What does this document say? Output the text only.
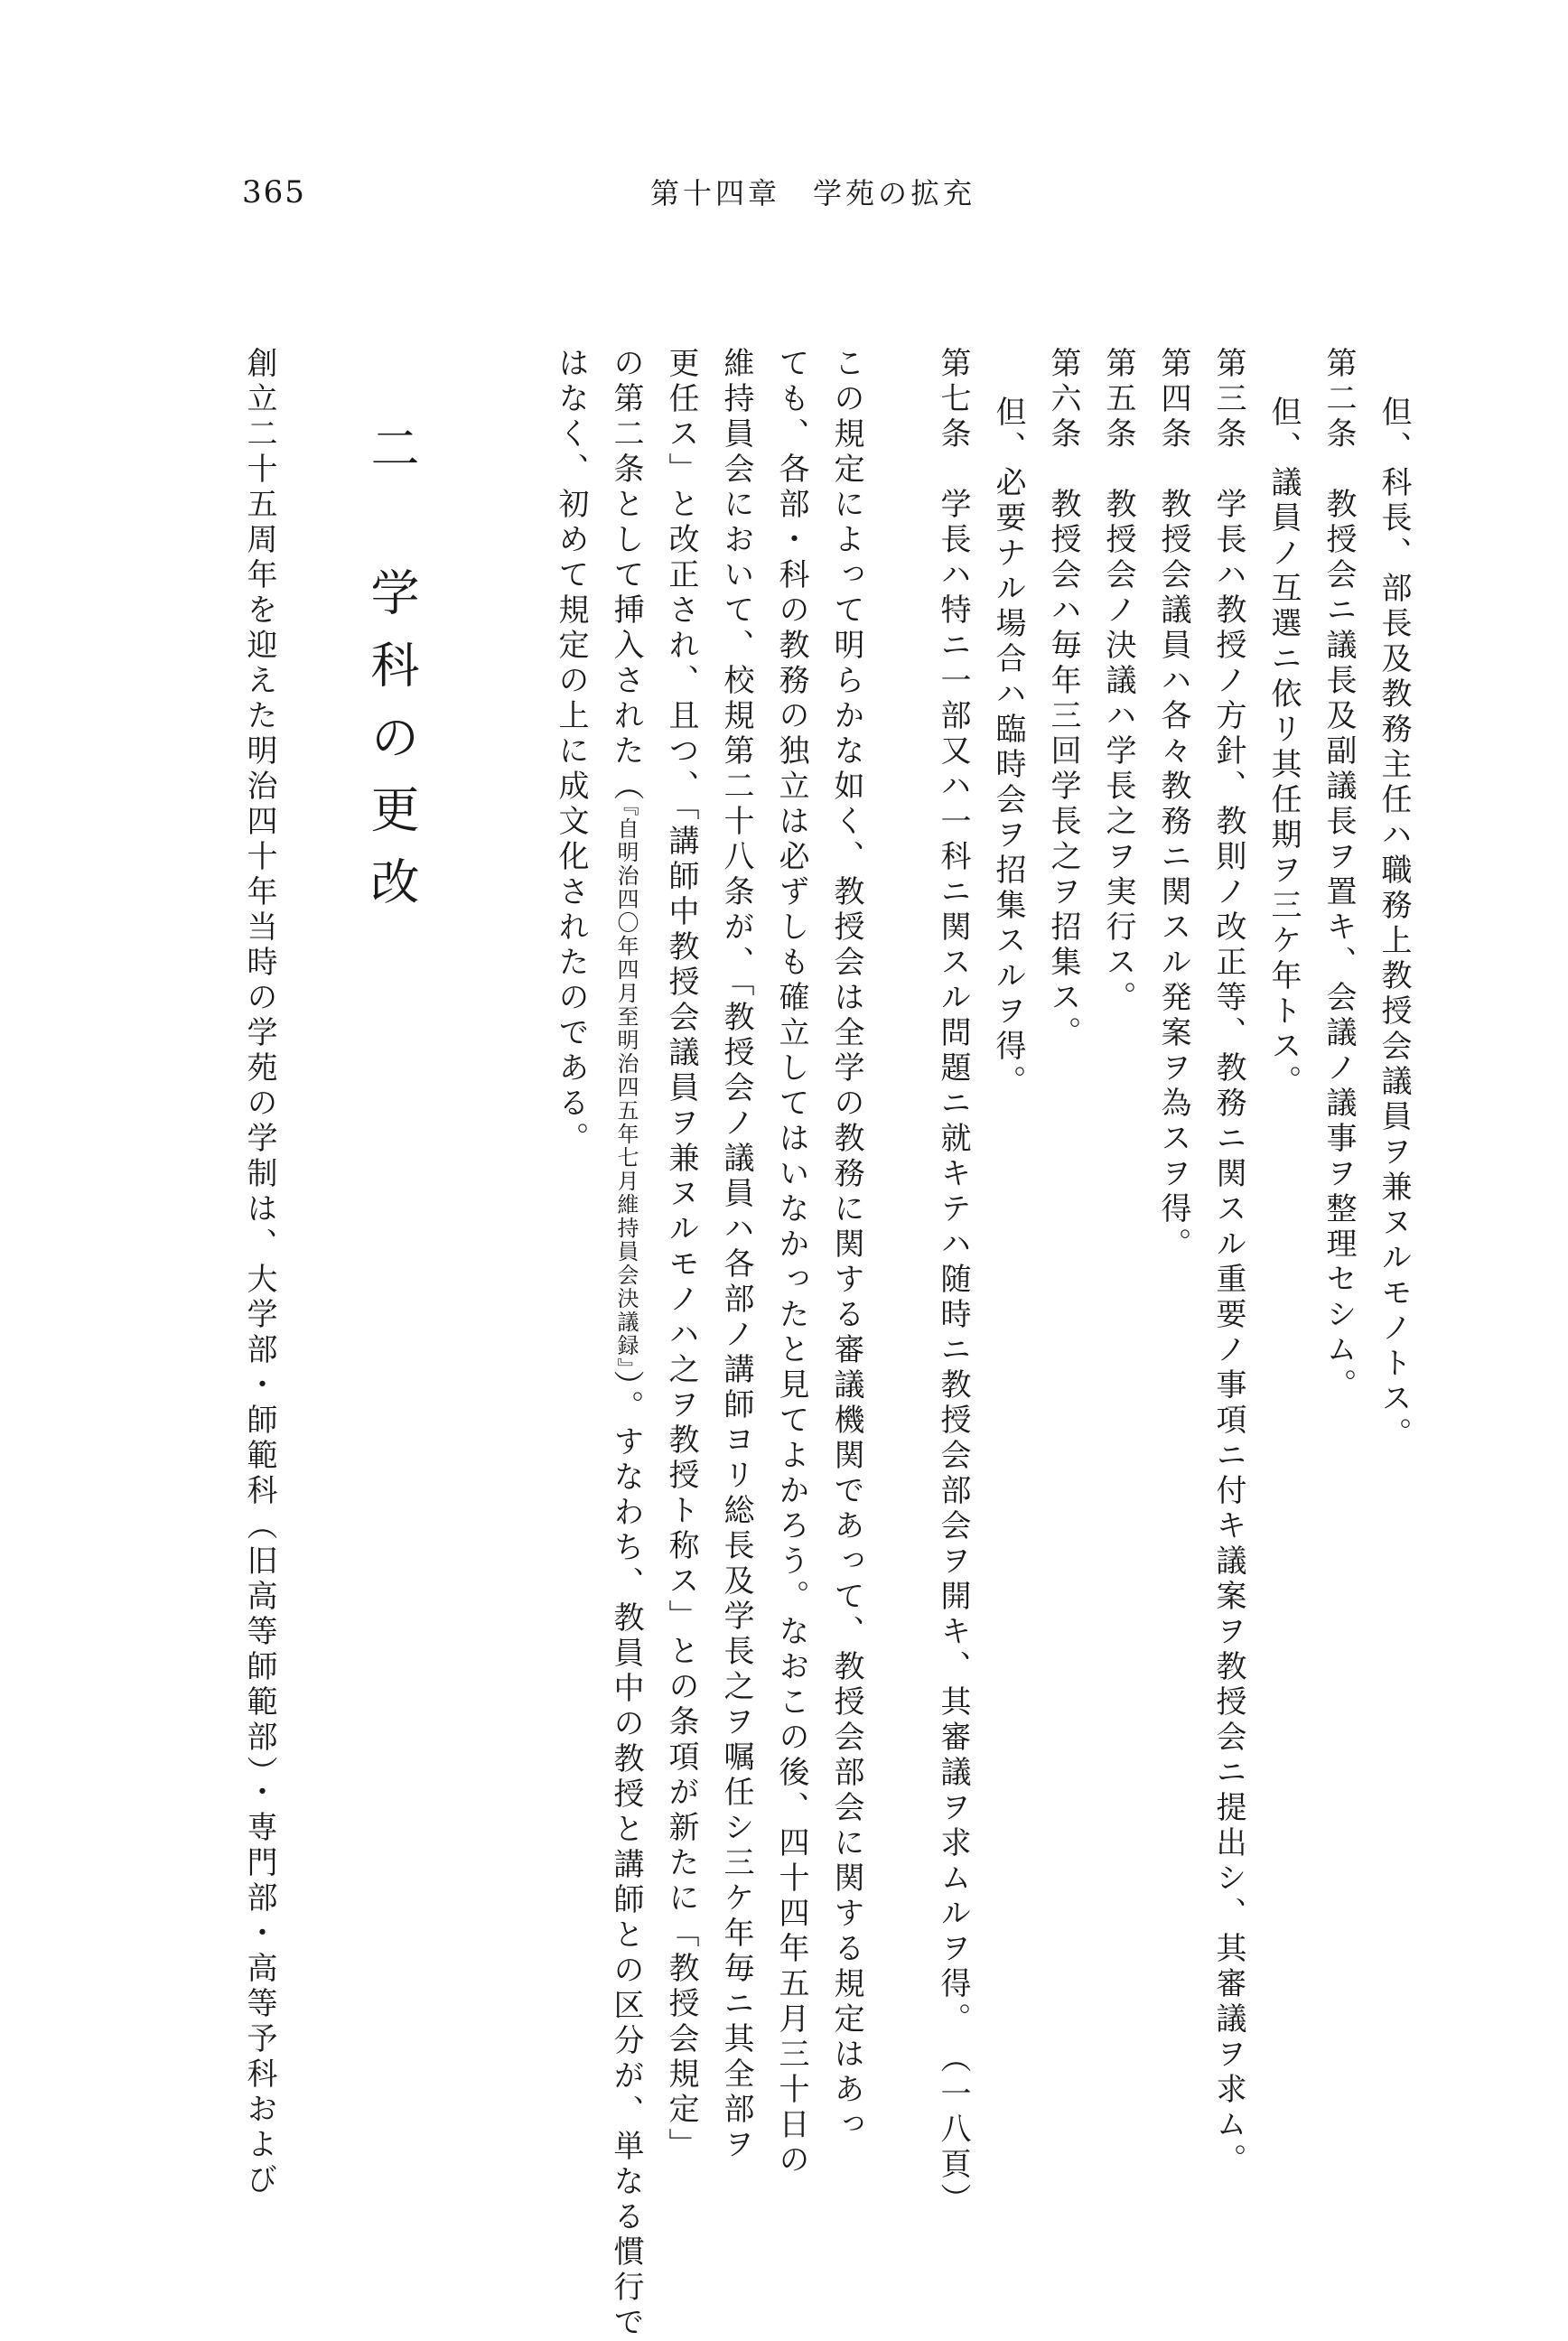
365	第十四章　学苑の拡充
但、科長、部長及教務主任ハ職務上教授会議員ヲ兼ヌルモノトス。
第二条　教授会ニ議長及副議長ヲ置キ、会議ノ議事ヲ整理セシム。
但、議員ノ互選ニ依リ其任期ヲ三ケ年トス。
第三条　学長ハ教授ノ方針、教則ノ改正等、教務ニ関スル重要ノ事項ニ付キ議案ヲ教授会ニ提出シ、其審議ヲ求ム。
第四条　教授会議員ハ各々教務ニ関スル発案ヲ為スヲ得。
第五条　教授会ノ決議ハ学長之ヲ実行ス。
第六条　教授会ハ毎年三回学長之ヲ招集ス。
但、必要ナル場合ハ臨時会ヲ招集スルヲ得。
第七条　学長ハ特ニ一部又ハ一科ニ関スル問題ニ就キテハ随時ニ教授会部会ヲ開キ、其審議ヲ求ムルヲ得。　（一八頁）
この規定によって明らかな如く、教授会は全学の教務に関する審議機関であって、教授会部会に関する規定はあっ
ても、各部・科の教務の独立は必ずしも確立してはいなかったと見てよかろう。なおこの後、四十四年五月三十日の
維持員会において、校規第二十八条が、「教授会ノ議員ハ各部ノ講師ヨリ総長及学長之ヲ嘱任シ三ケ年毎ニ其全部ヲ
更任ス」と改正され、且つ、「講師中教授会議員ヲ兼ヌルモノハ之ヲ教授ト称ス」との条項が新たに「教授会規定」
の第二条として挿入された（『自明治四〇年四月至明治四五年七月維持員会決議録』）。すなわち、教員中の教授と講師との区分が、単なる慣行で
はなく、初めて規定の上に成文化されたのである。
二　学科の更改
創立二十五周年を迎えた明治四十年当時の学苑の学制は、大学部・師範科（旧高等師範部）・専門部・高等予科および
